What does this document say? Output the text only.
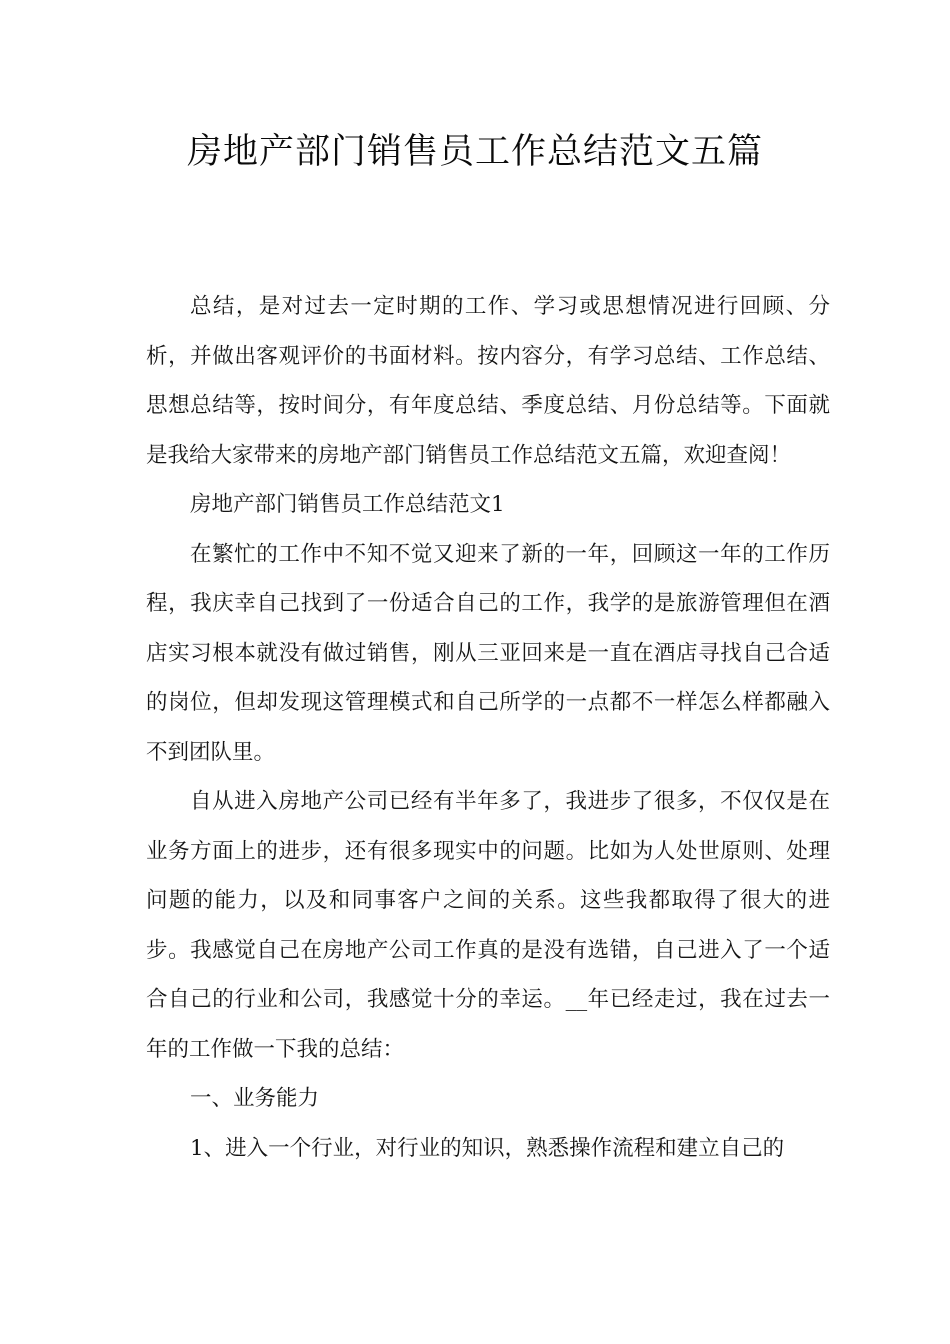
房地产部门销售员工作总结范文五篇

总结，是对过去一定时期的工作、学习或思想情况进行回顾、分析，并做出客观评价的书面材料。按内容分，有学习总结、工作总结、思想总结等，按时间分，有年度总结、季度总结、月份总结等。下面就是我给大家带来的房地产部门销售员工作总结范文五篇，欢迎查阅！

房地产部门销售员工作总结范文1

在繁忙的工作中不知不觉又迎来了新的一年，回顾这一年的工作历程，我庆幸自己找到了一份适合自己的工作，我学的是旅游管理但在酒店实习根本就没有做过销售，刚从三亚回来是一直在酒店寻找自己合适的岗位，但却发现这管理模式和自己所学的一点都不一样怎么样都融入不到团队里。

自从进入房地产公司已经有半年多了，我进步了很多，不仅仅是在业务方面上的进步，还有很多现实中的问题。比如为人处世原则、处理问题的能力，以及和同事客户之间的关系。这些我都取得了很大的进步。我感觉自己在房地产公司工作真的是没有选错，自己进入了一个适合自己的行业和公司，我感觉十分的幸运。__年已经走过，我在过去一年的工作做一下我的总结：

一、业务能力

1、进入一个行业，对行业的知识，熟悉操作流程和建立自己的
